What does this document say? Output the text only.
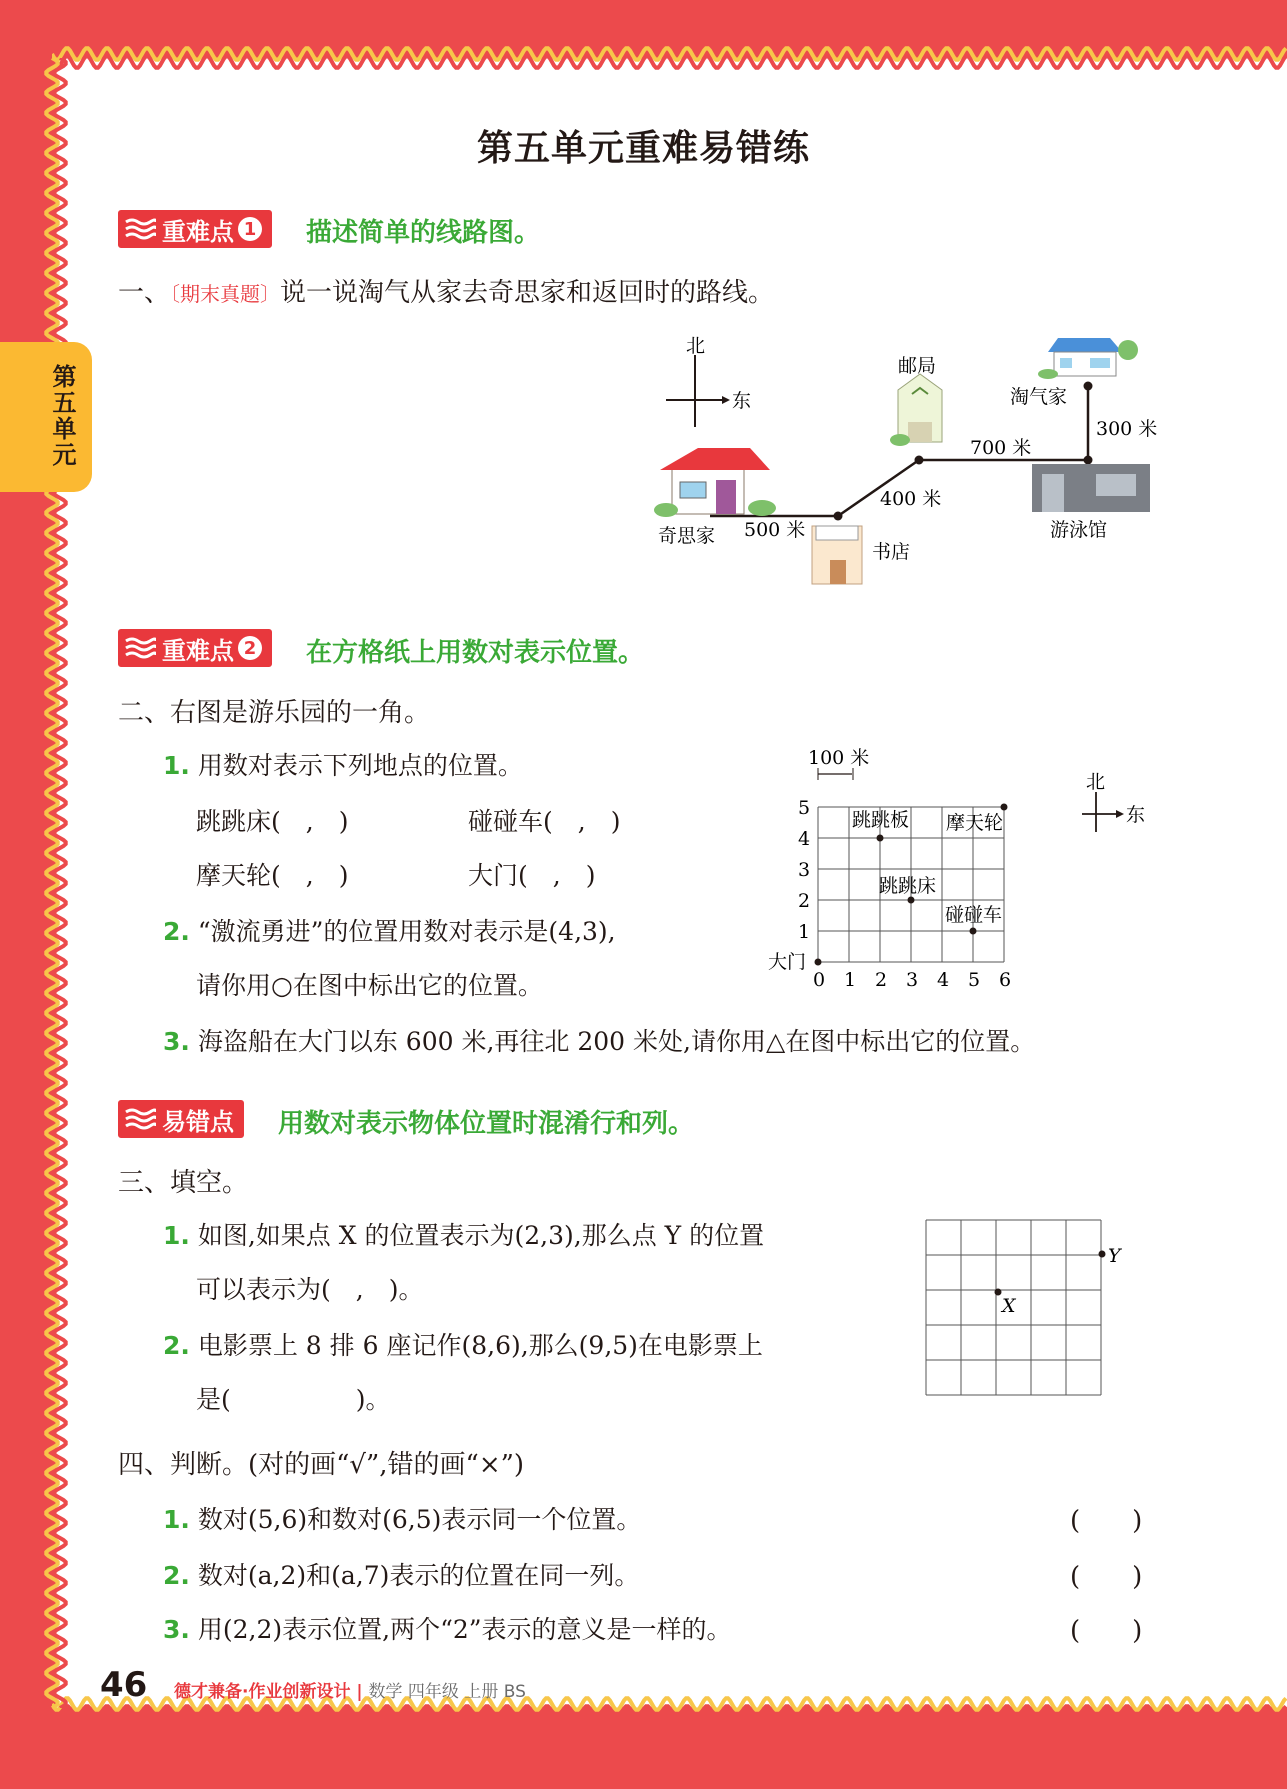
第五单元
第五单元重难易错练
重难点 1 描述简单的线路图。
一、〔期末真题〕说一说淘气从家去奇思家和返回时的路线。
北
东
邮局
淘气家
300 米
700 米
400 米
500 米
奇思家
书店
游泳馆
重难点 2 在方格纸上用数对表示位置。
二、右图是游乐园的一角。
1. 用数对表示下列地点的位置。
跳跳床(　,　)	碰碰车(　,　)
摩天轮(　,　)	大门(　,　)
2. “激流勇进”的位置用数对表示是(4,3),
请你用○在图中标出它的位置。
3. 海盗船在大门以东 600 米,再往北 200 米处,请你用△在图中标出它的位置。
0 1 2 3 4 5 6
1
2
3
4
5
跳跳板 摩天轮
跳跳床
碰碰车
大门
100 米
北
东
易错点 用数对表示物体位置时混淆行和列。
三、填空。
1. 如图,如果点 X 的位置表示为(2,3),那么点 Y 的位置
可以表示为(　,　)。
2. 电影票上 8 排 6 座记作(8,6),那么(9,5)在电影票上
是(　　　　　)。
X
Y
四、判断。(对的画“√”,错的画“×”)
1. 数对(5,6)和数对(6,5)表示同一个位置。	(　　)
2. 数对(a,2)和(a,7)表示的位置在同一列。	(　　)
3. 用(2,2)表示位置,两个“2”表示的意义是一样的。	(　　)
46 德才兼备·作业创新设计 | 数学 四年级 上册 BS
